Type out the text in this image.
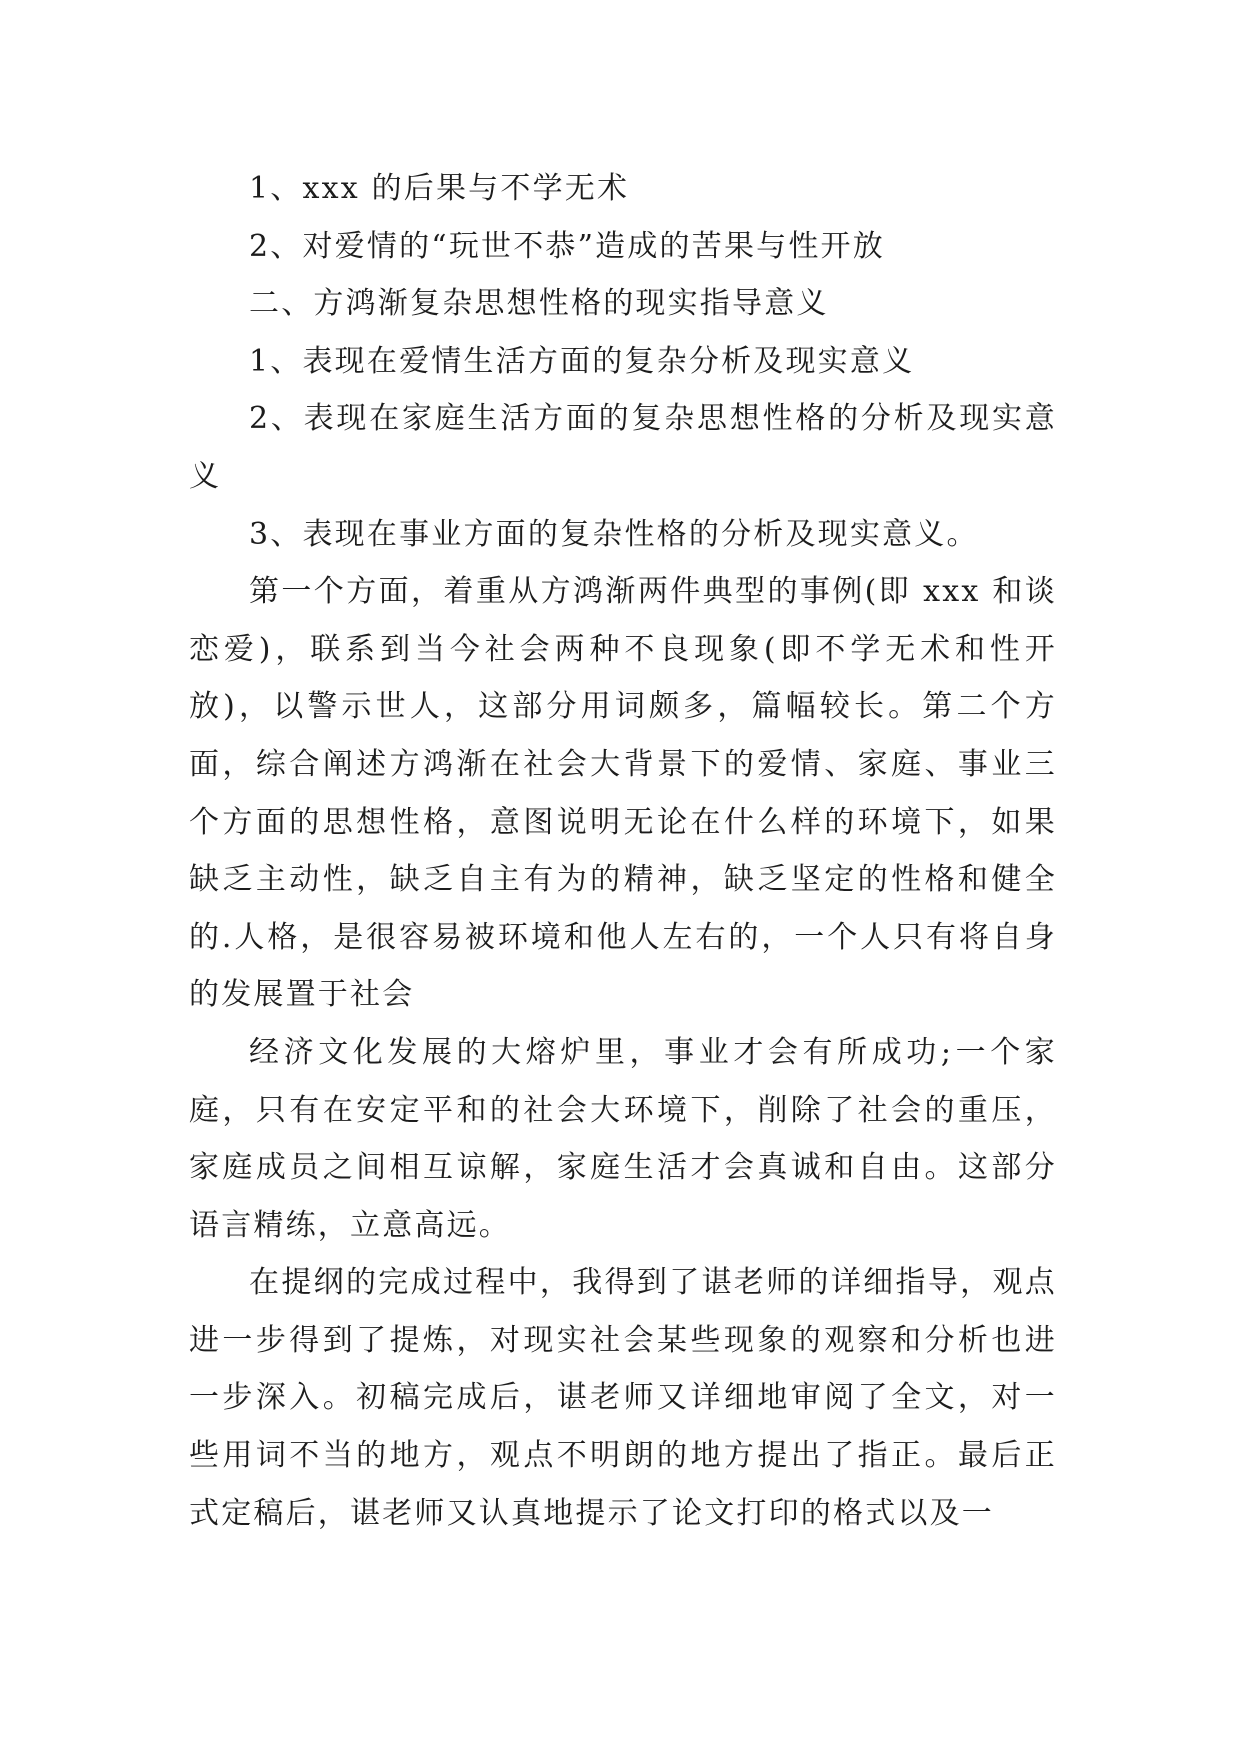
1、xxx 的后果与不学无术

2、对爱情的“玩世不恭”造成的苦果与性开放

二、方鸿渐复杂思想性格的现实指导意义

1、表现在爱情生活方面的复杂分析及现实意义

2、表现在家庭生活方面的复杂思想性格的分析及现实意义

3、表现在事业方面的复杂性格的分析及现实意义。

第一个方面，着重从方鸿渐两件典型的事例(即 xxx 和谈恋爱)，联系到当今社会两种不良现象(即不学无术和性开放)，以警示世人，这部分用词颇多，篇幅较长。第二个方面，综合阐述方鸿渐在社会大背景下的爱情、家庭、事业三个方面的思想性格，意图说明无论在什么样的环境下，如果缺乏主动性，缺乏自主有为的精神，缺乏坚定的性格和健全的.人格，是很容易被环境和他人左右的，一个人只有将自身的发展置于社会

经济文化发展的大熔炉里，事业才会有所成功;一个家庭，只有在安定平和的社会大环境下，削除了社会的重压，家庭成员之间相互谅解，家庭生活才会真诚和自由。这部分语言精练，立意高远。

在提纲的完成过程中，我得到了谌老师的详细指导，观点进一步得到了提炼，对现实社会某些现象的观察和分析也进一步深入。初稿完成后，谌老师又详细地审阅了全文，对一些用词不当的地方，观点不明朗的地方提出了指正。最后正式定稿后，谌老师又认真地提示了论文打印的格式以及一
